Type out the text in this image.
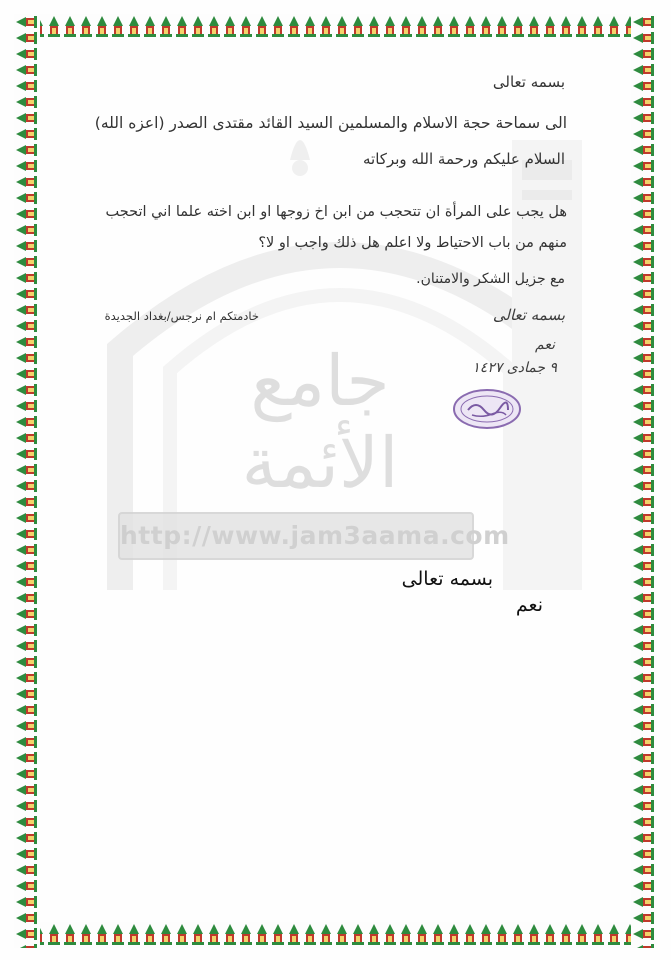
جامع الأئمة
http://www.jam3aama.com
بسمه تعالى
الى سماحة حجة الاسلام والمسلمين السيد القائد مقتدى الصدر (اعزه الله)
السلام عليكم ورحمة الله وبركاته
هل يجب على المرأة ان تتحجب من ابن اخ زوجها او ابن اخته علما اني اتحجب
منهم من باب الاحتياط ولا اعلم هل ذلك واجب او لا؟
مع جزيل الشكر والامتنان.
خادمتكم ام نرجس/بغداد الجديدة	بسمه تعالى
نعم
٩ جمادى ١٤٢٧
بسمه تعالى
نعم
